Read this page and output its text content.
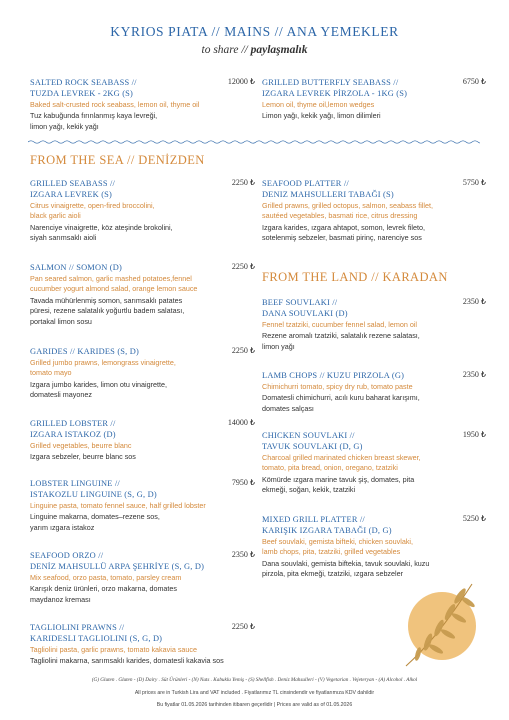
KYRIOS PIATA // MAINS // ANA YEMEKLER
to share // paylaşmalık
SALTED ROCK SEABASS //
TUZDA LEVREK - 2KG (S)
12000 ₺
Baked salt-crusted rock seabass, lemon oil, thyme oil
Tuz kabuğunda fırınlanmış kaya levreği,
limon yağı, kekik yağı
GRILLED BUTTERFLY SEABASS //
IZGARA LEVREK PİRZOLA - 1KG (S)
6750 ₺
Lemon oil, thyme oil,lemon wedges
Limon yağı, kekik yağı, limon dilimleri
FROM THE SEA // DENİZDEN
GRILLED SEABASS //
IZGARA LEVREK (S)
2250 ₺
Citrus vinaigrette, open-fired broccolini,
black garlic aioli
Narenciye vinaigrette, köz ateşinde brokolini,
siyah sarımsaklı aioli
SALMON // SOMON (D)	2250 ₺
Pan seared salmon, garlic mashed potatoes,fennel
cucumber yogurt almond salad, orange lemon sauce
Tavada mühürlenmiş somon, sarımsaklı patates
püresi, rezene salatalık yoğurtlu badem salatası,
portakal limon sosu
GARIDES // KARIDES (S, D)	2250 ₺
Grilled jumbo prawns, lemongrass vinaigrette,
tomato mayo
Izgara jumbo karides, limon otu vinaigrette,
domatesli mayonez
GRILLED LOBSTER //
IZGARA ISTAKOZ (D)
14000 ₺
Grilled vegetables, beurre blanc
Izgara sebzeler, beurre blanc sos
LOBSTER LINGUINE //
ISTAKOZLU LINGUINE (S, G, D)
7950 ₺
Linguine pasta, tomato fennel sauce, half grilled lobster
Linguine makarna, domates–rezene sos,
yarım ızgara istakoz
SEAFOOD ORZO //
DENİZ MAHSULLÜ ARPA ŞEHRİYE (S, G, D)
2350 ₺
Mix seafood, orzo pasta, tomato, parsley cream
Karışık deniz ürünleri, orzo makarna, domates
maydanoz kreması
TAGLIOLINI PRAWNS //
KARIDESLI TAGLIOLINI (S, G, D)
2250 ₺
Tagliolini pasta, garlic prawns, tomato kakavia sauce
Tagliolini makarna, sarımsaklı karides, domatesli kakavia sos
SEAFOOD PLATTER //
DENIZ MAHSULLERI TABAĞI (S)
5750 ₺
Grilled prawns, grilled octopus, salmon, seabass fillet,
sautéed vegetables, basmati rice, citrus dressing
Izgara karides, ızgara ahtapot, somon, levrek fileto,
sotelenmiş sebzeler, basmati pirinç, narenciye sos
FROM THE LAND // KARADAN
BEEF SOUVLAKI //
DANA SOUVLAKI (D)
2350 ₺
Fennel tzatziki, cucumber fennel salad, lemon oil
Rezene aromalı tzatziki, salatalık rezene salatası,
limon yağı
LAMB CHOPS // KUZU PIRZOLA (G)	2350 ₺
Chimichurri tomato, spicy dry rub, tomato paste
Domatesli chimichurri, acılı kuru baharat karışımı,
domates salçası
CHICKEN SOUVLAKI //
TAVUK SOUVLAKI (D, G)
1950 ₺
Charcoal grilled marinated chicken breast skewer,
tomato, pita bread, onion, oregano, tzatziki
Kömürde ızgara marine tavuk şiş, domates, pita
ekmeği, soğan, kekik, tzatziki
MIXED GRILL PLATTER //
KARIŞIK IZGARA TABAĞI (D, G)
5250 ₺
Beef souvlaki, gemista bifteki, chicken souvlaki,
lamb chops, pita, tzatziki, grilled vegetables
Dana souvlaki, gemista biftekia, tavuk souvlaki, kuzu
pirzola, pita ekmeği, tzatziki, ızgara sebzeler
(G) Gluten . Gluten - (D) Dairy . Süt Ürünleri - (N) Nuts . Kabuklu Yemiş - (S) Shellfish . Deniz Mahsulleri - (V) Vegetarian . Vejeteryan - (A) Alcohol . Alkol
All prices are in Turkish Lira and VAT included . Fiyatlarımız TL cinsindendir ve fiyatlarımıza KDV dahildir
Bu fiyatlar 01.05.2026 tarihinden itibaren geçerlidir | Prices are valid as of 01.05.2026
